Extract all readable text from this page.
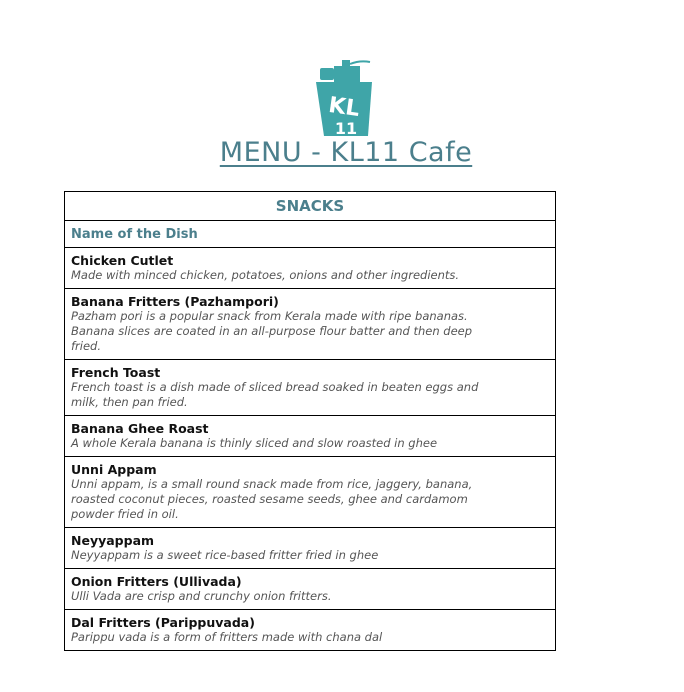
KL
11
MENU - KL11 Cafe
SNACKS
Name of the Dish

Chicken Cutlet
Made with minced chicken, potatoes, onions and other ingredients.

Banana Fritters (Pazhampori)
Pazham pori is a popular snack from Kerala made with ripe bananas. Banana slices are coated in an all-purpose flour batter and then deep fried.

French Toast
French toast is a dish made of sliced bread soaked in beaten eggs and milk, then pan fried.

Banana Ghee Roast
A whole Kerala banana is thinly sliced and slow roasted in ghee

Unni Appam
Unni appam, is a small round snack made from rice, jaggery, banana, roasted coconut pieces, roasted sesame seeds, ghee and cardamom powder fried in oil.

Neyyappam
Neyyappam is a sweet rice-based fritter fried in ghee

Onion Fritters (Ullivada)
Ulli Vada are crisp and crunchy onion fritters.

Dal Fritters (Parippuvada)
Parippu vada is a form of fritters made with chana dal
